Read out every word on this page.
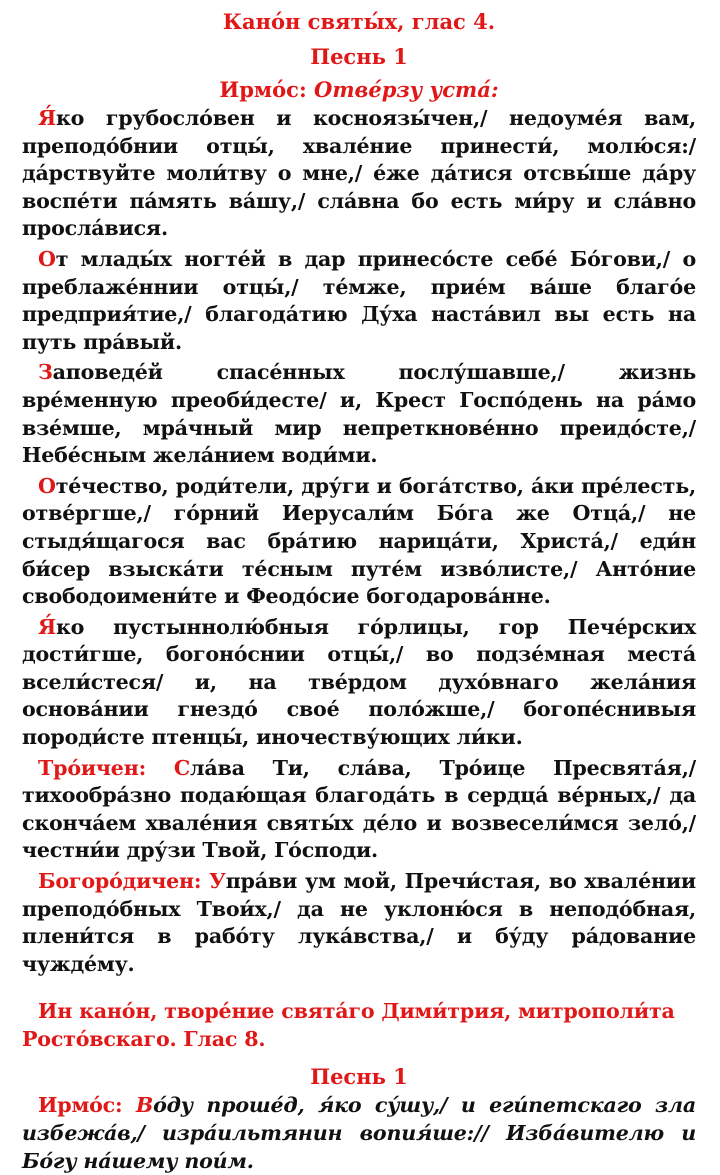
Кано́н святы́х, глас 4.

Песнь 1

Ирмо́с: Отве́рзу уста́:

Я́ко грубосло́вен и косноязы́чен,/ недоуме́я вам, преподо́бнии отцы́, хвале́ние принести́, молю́ся:/ да́рствуйте моли́тву о мне,/ е́же да́тися отсвы́ше да́ру воспе́ти па́мять ва́шу,/ сла́вна бо есть ми́ру и сла́вно просла́вися.

От млады́х ногте́й в дар принесо́сте себе́ Бо́гови,/ о преблаже́ннии отцы́,/ те́мже, прие́м ва́ше благо́е предприя́тие,/ благода́тию Ду́ха наста́вил вы есть на путь пра́вый.

Заповеде́й спасе́нных послу́шавше,/ жизнь вре́менную преоби́десте/ и, Крест Госпо́день на ра́мо взе́мше, мра́чный мир непреткнове́нно преидо́сте,/ Небе́сным жела́нием води́ми.

Оте́чество, роди́тели, дру́ги и бога́тство, а́ки пре́лесть, отве́ргше,/ го́рний Иерусали́м Бо́га же Отца́,/ не стыдя́щагося вас бра́тию нарица́ти, Христа́,/ еди́н би́сер взыска́ти те́сным путе́м изво́листе,/ Анто́ние свободоимени́те и Феодо́сие богодарова́нне.

Я́ко пустыннолю́бныя го́рлицы, гор Пече́рских дости́гше, богоно́снии отцы́,/ во подзе́мная места́ всели́стеся/ и, на тве́рдом духо́внаго жела́ния основа́нии гнездо́ свое́ поло́жше,/ богопе́снивыя породи́сте птенцы́, иночеству́ющих ли́ки.

Тро́ичен: Сла́ва Ти, сла́ва, Тро́ице Пресвята́я,/ тихообра́зно подаю́щая благода́ть в сердца́ ве́рных,/ да сконча́ем хвале́ния святы́х де́ло и возвесели́мся зело́,/ честни́и дру́зи Твой, Го́споди.

Богоро́дичен: Упра́ви ум мой, Пречи́стая, во хвале́нии преподо́бных Твои́х,/ да не уклоню́ся в неподо́бная, плени́тся в рабо́ту лука́вства,/ и бу́ду ра́дование чужде́му.

Ин кано́н, творе́ние свята́го Дими́трия, митрополи́та Росто́вскаго. Глас 8.

Песнь 1

Ирмо́с: Во́ду проше́д, я́ко су́шу,/ и еги́петскаго зла избежа́в,/ изра́ильтянин вопия́ше:// Изба́вителю и Бо́гу на́шему пои́м.
